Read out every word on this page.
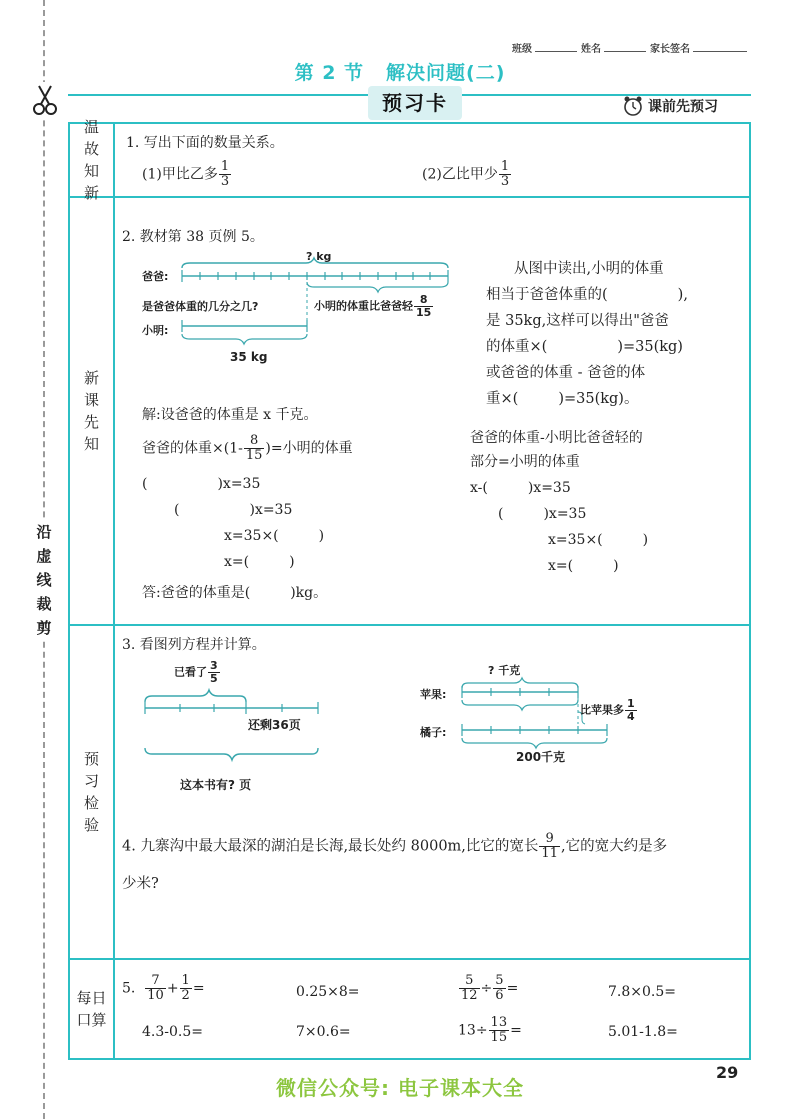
沿
虚
线
裁
剪
班级	姓名	家长签名
第 2 节 解决问题(二)
预习卡	课前先预习
温
故
知
新
1. 写出下面的数量关系。
(1)甲比乙多 $\frac{1}{3}$	(2)乙比甲少 $\frac{1}{3}$
新
课
先
知
2. 教材第 38 页例 5。
爸爸:
? kg
是爸爸体重的几分之几?	小明的体重比爸爸轻 $\frac{8}{15}$
小明:
35 kg
从图中读出,小明的体重
相当于爸爸体重的(	),
是 35kg,这样可以得出"爸爸
的体重×(	)=35(kg)
或爸爸的体重 - 爸爸的体
重×(	)=35(kg)。
解:设爸爸的体重是 x 千克。
爸爸的体重$\times(1- \frac{8}{15}$ )=小明的体重
(	)x=35
(	)x=35
x=35×(	)
x=(	)
答:爸爸的体重是(	)kg。
爸爸的体重-小明比爸爸轻的
部分=小明的体重
x-(	)x=35
(	)x=35
x=35×(	)
x=(	)
预
习
检
验
3. 看图列方程并计算。
已看了 $\frac{3}{5}$
还剩36页
这本书有? 页
? 千克
苹果:
橘子:
比苹果多 $\frac{1}{4}$
200千克
4. 九寨沟中最大最深的湖泊是长海,最长处约 8000m,比它的宽长 $\frac{9}{11}$ ,它的宽大约是多
少米?
每日
口算
5. $\frac{7}{10} + \frac{1}{2}$ =	0.25×8=	$\frac{5}{12} \div \frac{5}{6}$ =	7.8×0.5=
4.3-0.5=	7×0.6=	$13\div \frac{13}{15}$ =	5.01-1.8=
29
微信公众号: 电子课本大全
